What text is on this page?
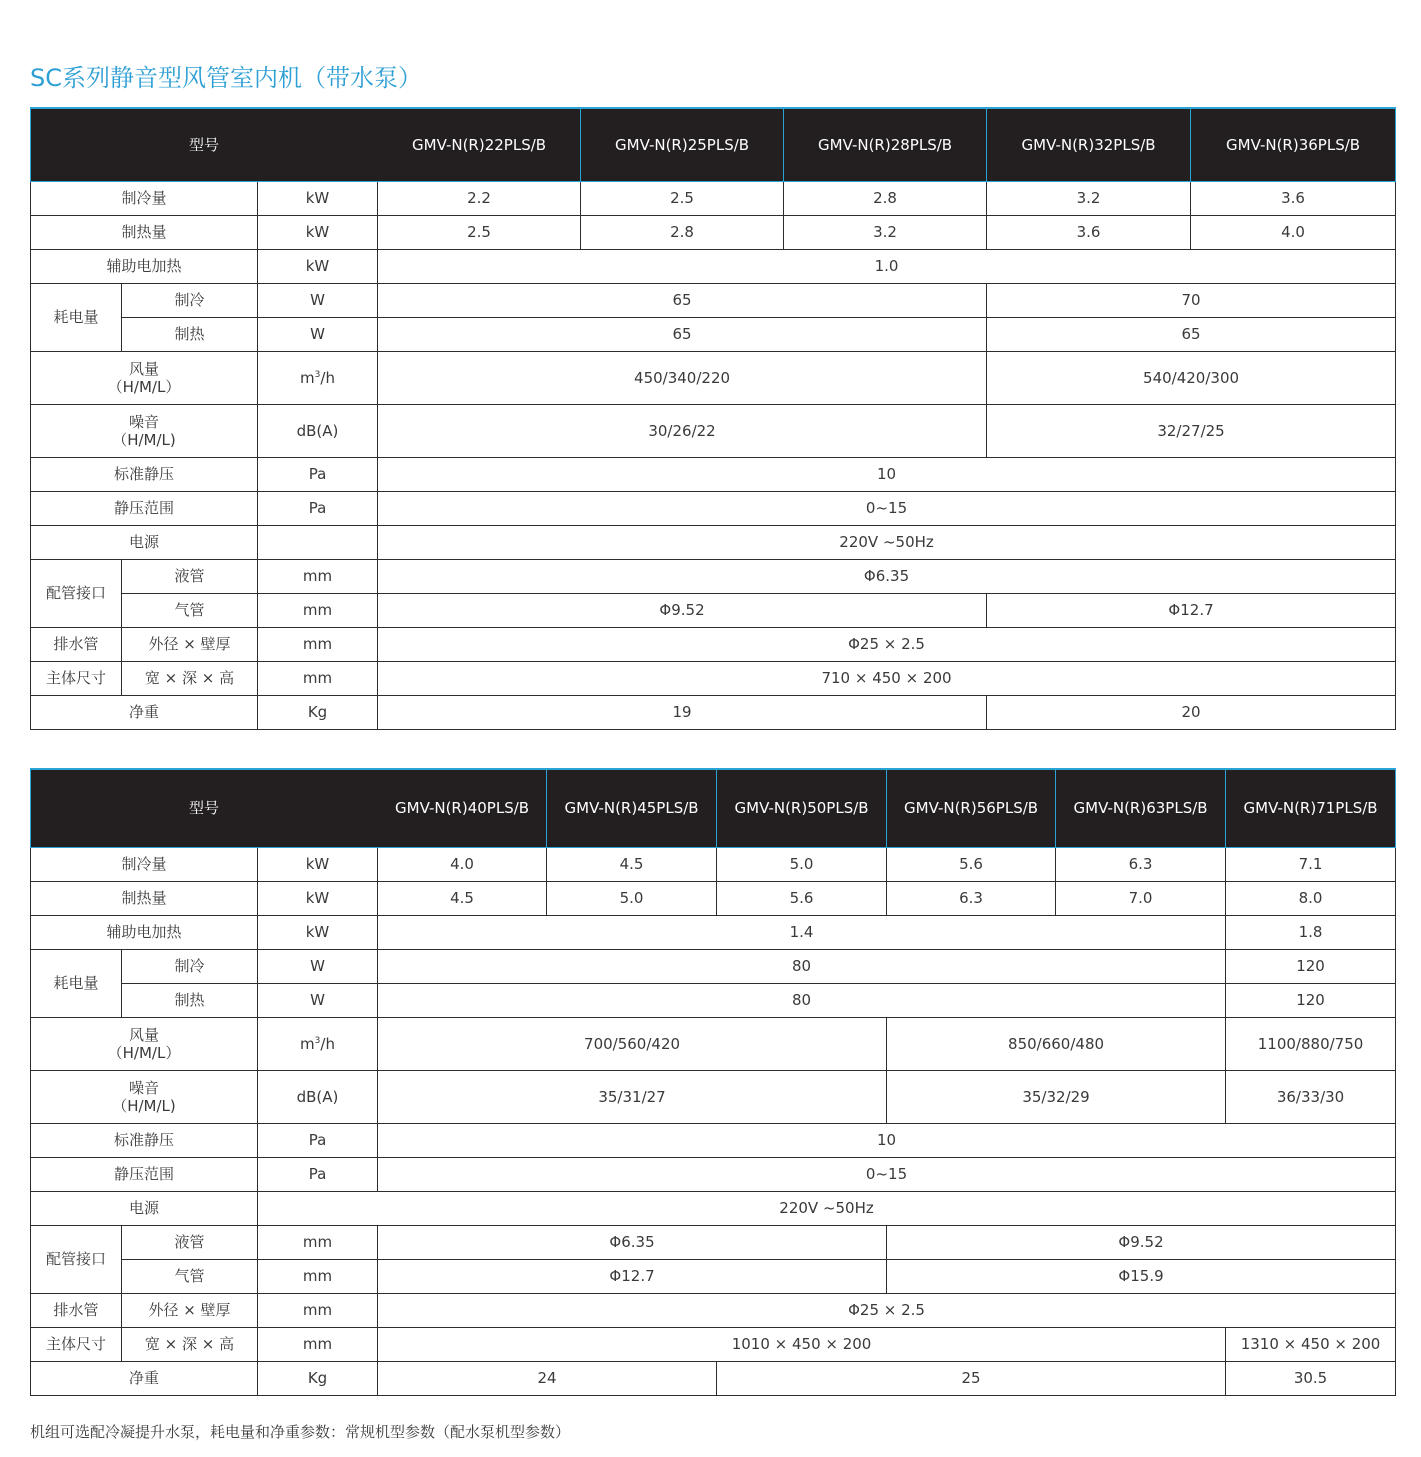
SC系列静音型风管室内机（带水泵）
型号			GMV-N(R)22PLS/B	GMV-N(R)25PLS/B	GMV-N(R)28PLS/B	GMV-N(R)32PLS/B	GMV-N(R)36PLS/B
制冷量		kW	2.2	2.5	2.8	3.2	3.6
制热量		kW	2.5	2.8	3.2	3.6	4.0
辅助电加热		kW	1.0				
耗电量	制冷	W	65			70	
	制热	W	65			65	

风量
（H/M/L）		$m^3/h$	450/340/220			540/420/300	

噪音
（H/M/L)		dB(A)	30/26/22			32/27/25	
标准静压		Pa	10				
静压范围		Pa	0~15				
电源			220V ~50Hz				
配管接口	液管	mm	Φ6.35				
	气管	mm	Φ9.52			Φ12.7	
排水管	外径 × 壁厚	mm	Φ25 × 2.5				
主体尺寸	宽 × 深 × 高	mm	710 × 450 × 200				
净重		Kg	19			20	
型号			GMV-N(R)40PLS/B	GMV-N(R)45PLS/B	GMV-N(R)50PLS/B	GMV-N(R)56PLS/B	GMV-N(R)63PLS/B	GMV-N(R)71PLS/B
制冷量		kW	4.0	4.5	5.0	5.6	6.3	7.1
制热量		kW	4.5	5.0	5.6	6.3	7.0	8.0
辅助电加热		kW	1.4					1.8
耗电量	制冷	W	80					120
	制热	W	80					120

风量
（H/M/L）		$m^3/h$	700/560/420			850/660/480		1100/880/750

噪音
（H/M/L)		dB(A)	35/31/27			35/32/29		36/33/30
标准静压		Pa	10					
静压范围		Pa	0~15					
电源		220V ~50Hz						
配管接口	液管	mm	Φ6.35			Φ9.52		
	气管	mm	Φ12.7			Φ15.9		
排水管	外径 × 壁厚	mm	Φ25 × 2.5					
主体尺寸	宽 × 深 × 高	mm	1010 × 450 × 200					1310 × 450 × 200
净重		Kg	24		25			30.5
机组可选配冷凝提升水泵，耗电量和净重参数：常规机型参数（配水泵机型参数）
